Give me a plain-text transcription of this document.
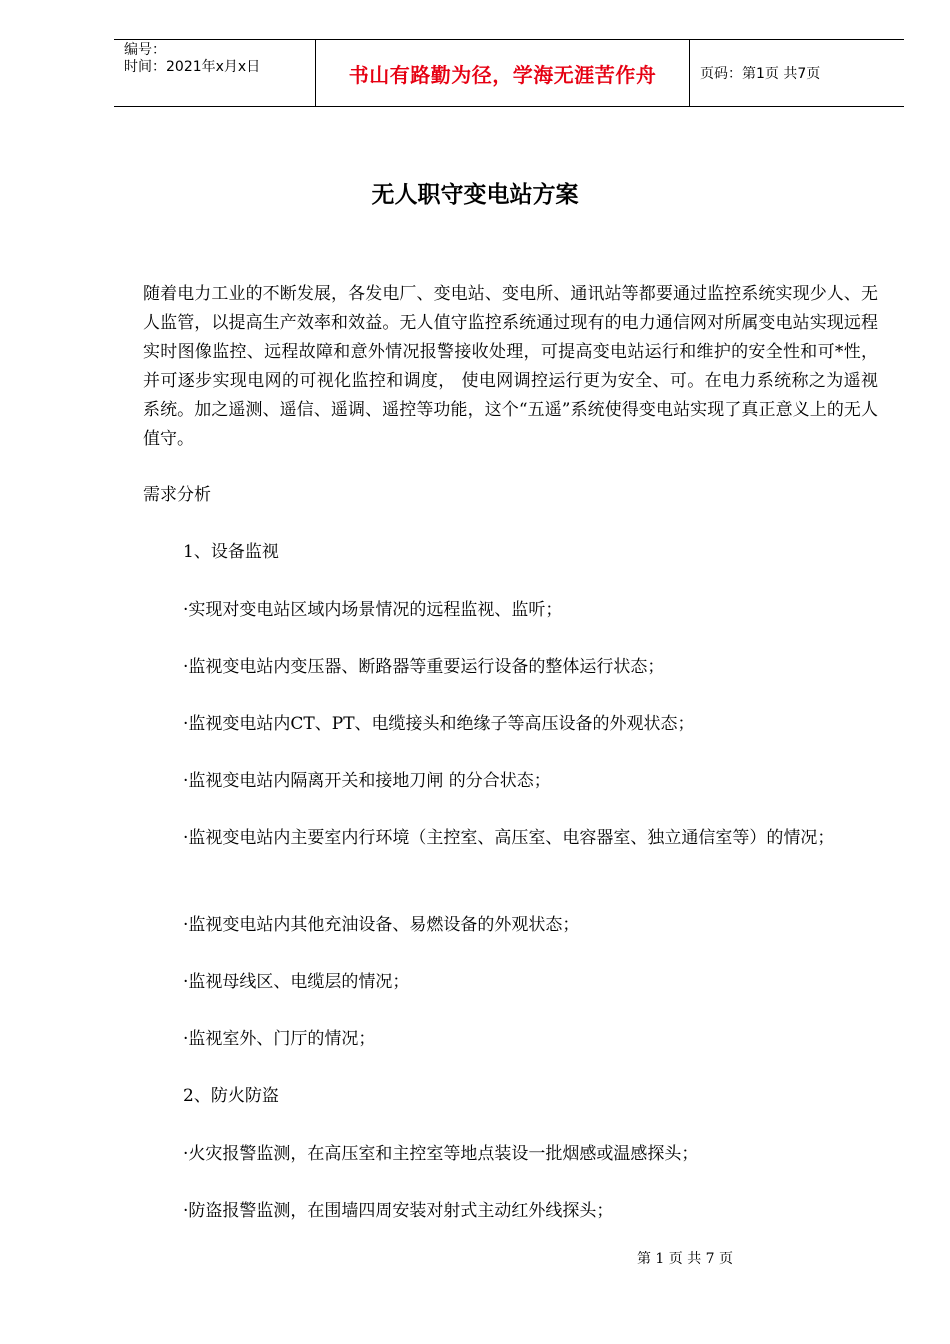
编号：
时间：2021年x月x日	书山有路勤为径，学海无涯苦作舟	页码：第1页 共7页
无人职守变电站方案

随着电力工业的不断发展，各发电厂、变电站、变电所、通讯站等都要通过监控系统实现少人、无人监管，以提高生产效率和效益。无人值守监控系统通过现有的电力通信网对所属变电站实现远程实时图像监控、远程故障和意外情况报警接收处理，可提高变电站运行和维护的安全性和可*性， 并可逐步实现电网的可视化监控和调度， 使电网调控运行更为安全、可。在电力系统称之为遥视系统。加之遥测、遥信、遥调、遥控等功能，这个“五遥”系统使得变电站实现了真正意义上的无人值守。

需求分析

1、设备监视

·实现对变电站区域内场景情况的远程监视、监听；

·监视变电站内变压器、断路器等重要运行设备的整体运行状态；

·监视变电站内CT、PT、电缆接头和绝缘子等高压设备的外观状态；

·监视变电站内隔离开关和接地刀闸 的分合状态；

·监视变电站内主要室内行环境（主控室、高压室、电容器室、独立通信室等）的情况；

·监视变电站内其他充油设备、易燃设备的外观状态；

·监视母线区、电缆层的情况；

·监视室外、门厅的情况；

2、防火防盗

·火灾报警监测，在高压室和主控室等地点装设一批烟感或温感探头；

·防盗报警监测，在围墙四周安装对射式主动红外线探头；

第 1 页 共 7 页
